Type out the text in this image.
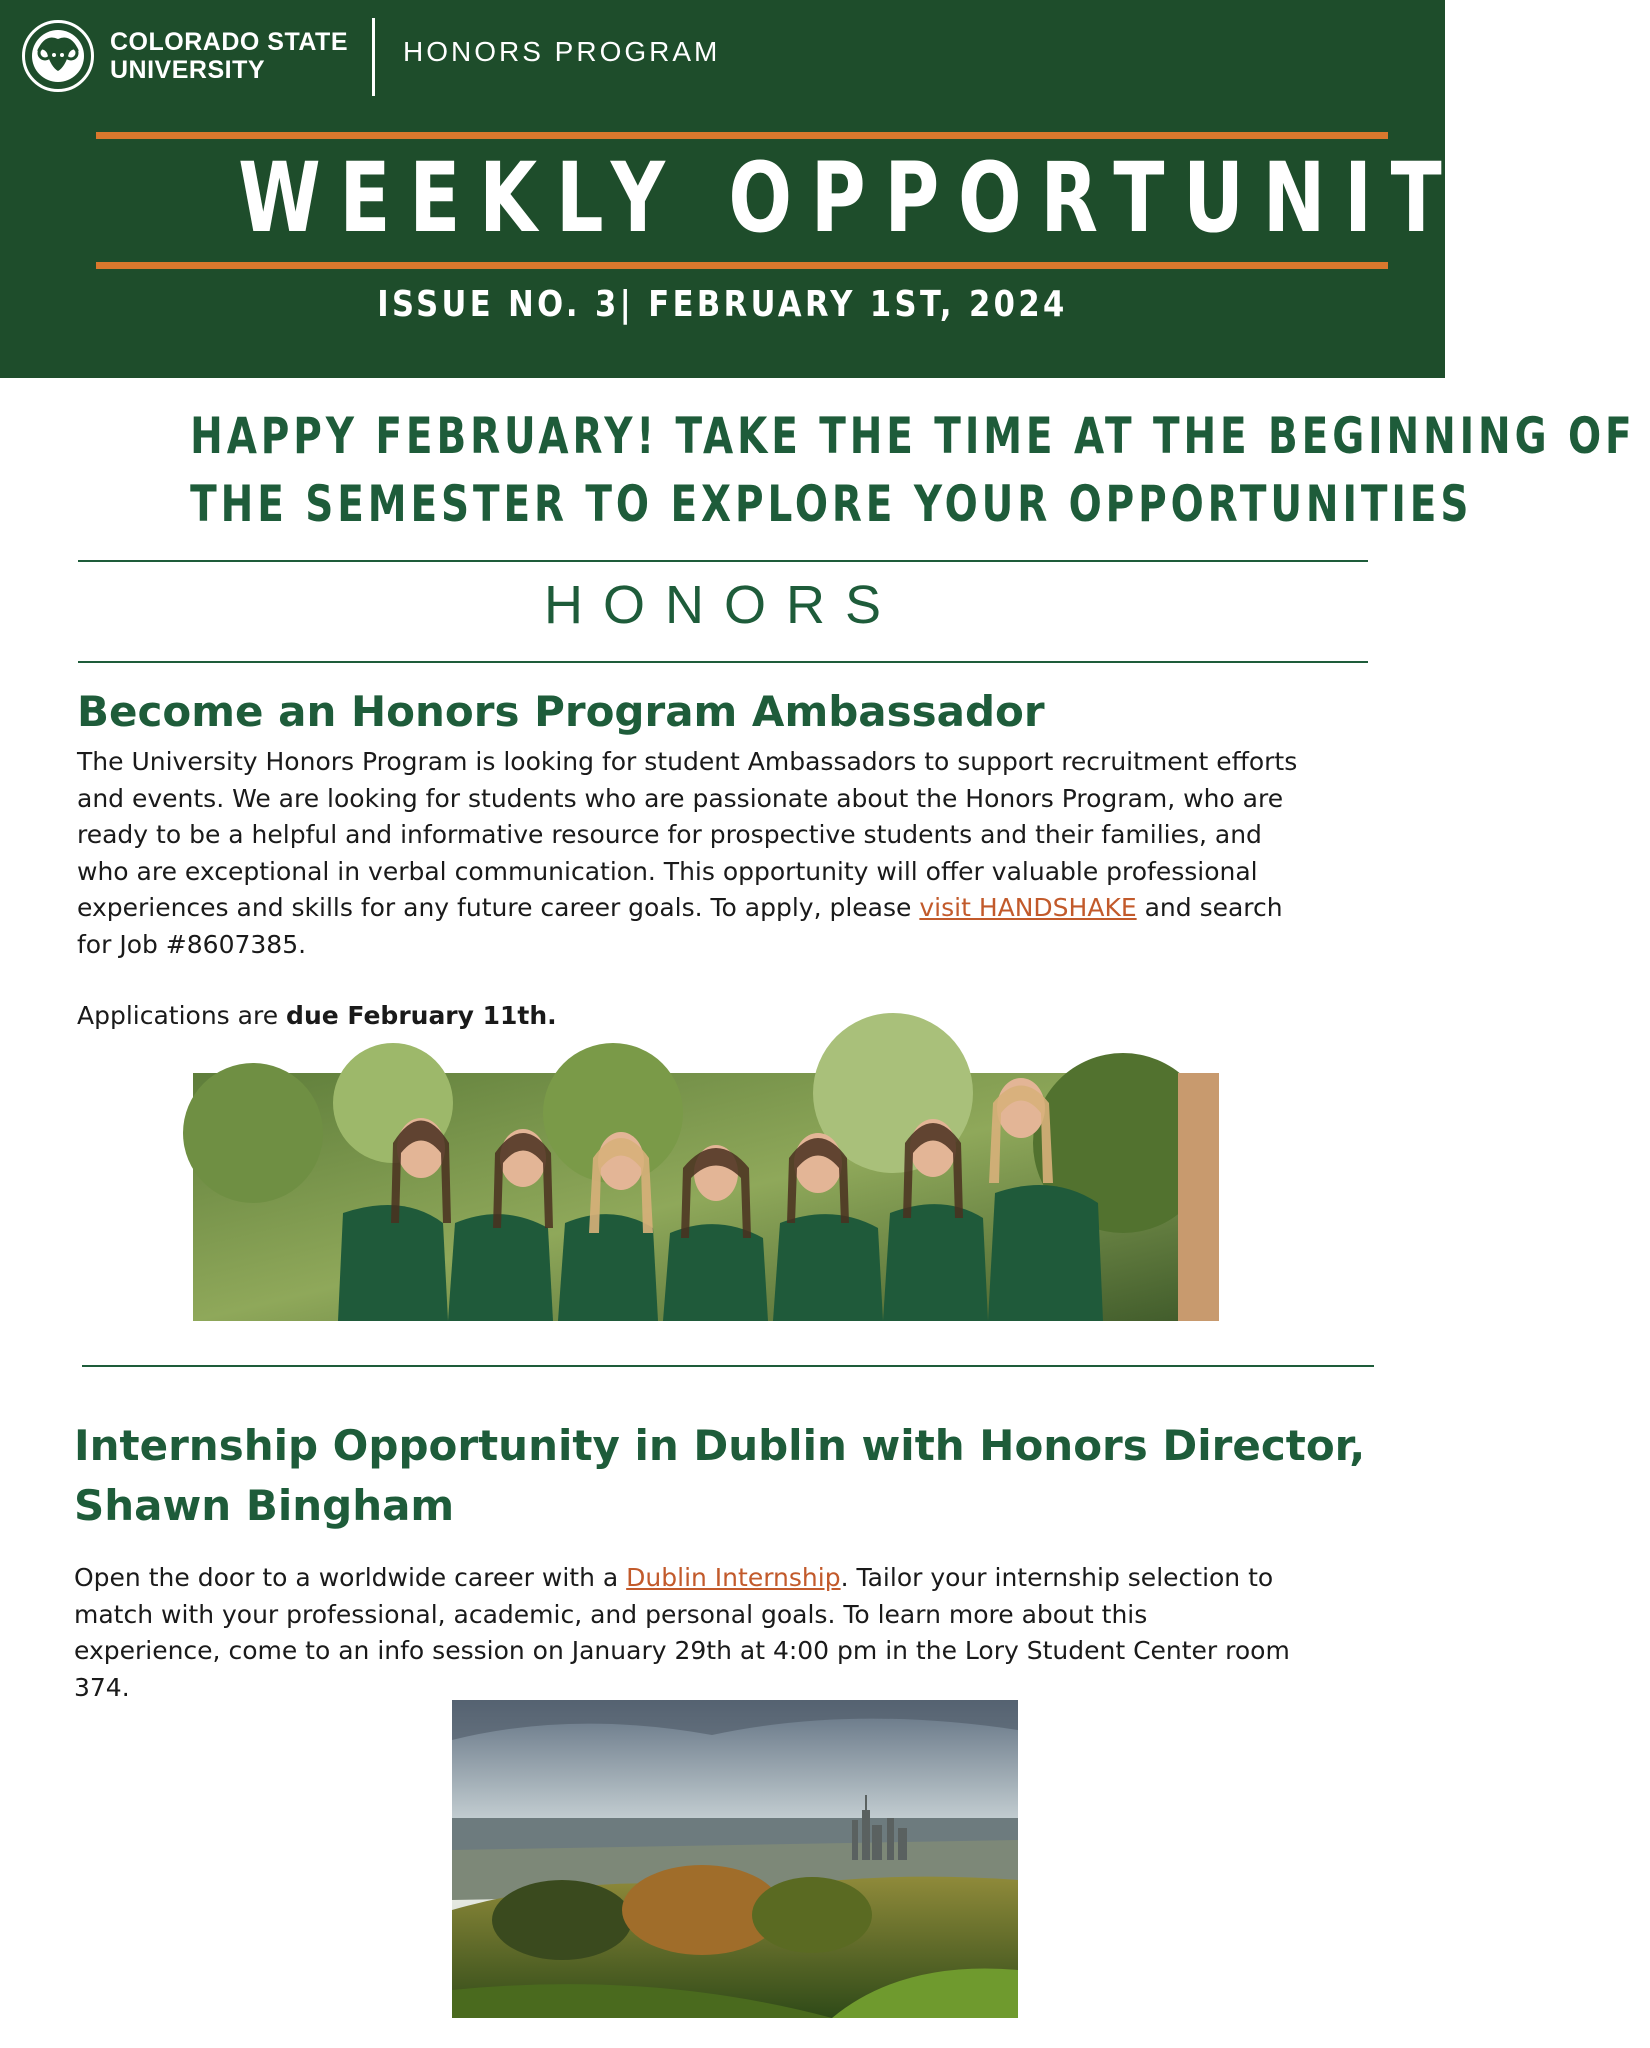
COLORADO STATE
UNIVERSITY
HONORS PROGRAM
WEEKLY OPPORTUNITIES
ISSUE NO. 3| FEBRUARY 1ST, 2024
HAPPY FEBRUARY! TAKE THE TIME AT THE BEGINNING OF
THE SEMESTER TO EXPLORE YOUR OPPORTUNITIES
HONORS
Become an Honors Program Ambassador
The University Honors Program is looking for student Ambassadors to support recruitment efforts
and events. We are looking for students who are passionate about the Honors Program, who are
ready to be a helpful and informative resource for prospective students and their families, and
who are exceptional in verbal communication. This opportunity will offer valuable professional
experiences and skills for any future career goals. To apply, please visit HANDSHAKE and search
for Job #8607385.
Applications are due February 11th.
Internship Opportunity in Dublin with Honors Director,
Shawn Bingham
Open the door to a worldwide career with a Dublin Internship. Tailor your internship selection to
match with your professional, academic, and personal goals. To learn more about this
experience, come to an info session on January 29th at 4:00 pm in the Lory Student Center room
374.
